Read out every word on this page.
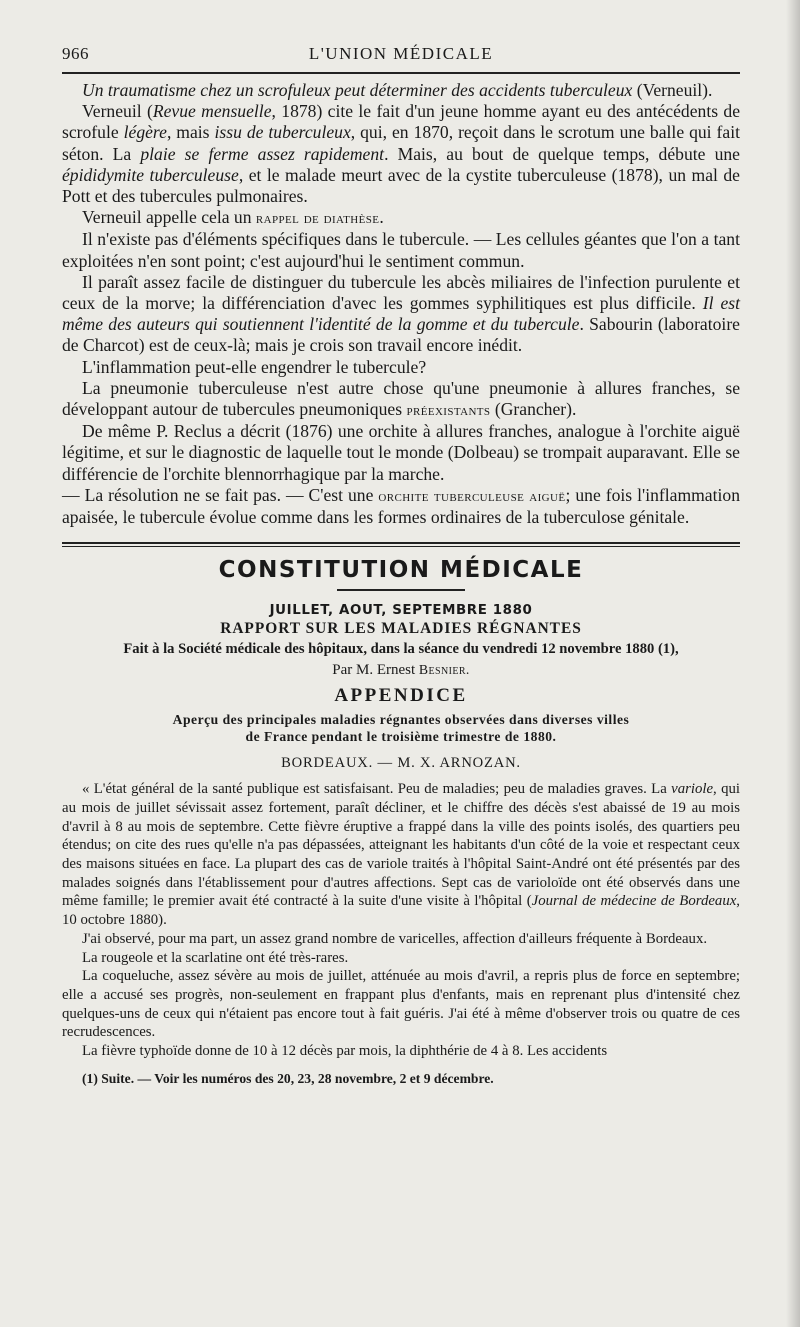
966	L'UNION MÉDICALE

Un traumatisme chez un scrofuleux peut déterminer des accidents tuberculeux (Verneuil).

Verneuil (Revue mensuelle, 1878) cite le fait d'un jeune homme ayant eu des antécédents de scrofule légère, mais issu de tuberculeux, qui, en 1870, reçoit dans le scrotum une balle qui fait séton. La plaie se ferme assez rapidement. Mais, au bout de quelque temps, débute une épididymite tuberculeuse, et le malade meurt avec de la cystite tuberculeuse (1878), un mal de Pott et des tubercules pulmonaires.

Verneuil appelle cela un rappel de diathèse.

Il n'existe pas d'éléments spécifiques dans le tubercule. — Les cellules géantes que l'on a tant exploitées n'en sont point; c'est aujourd'hui le sentiment commun.

Il paraît assez facile de distinguer du tubercule les abcès miliaires de l'infection purulente et ceux de la morve; la différenciation d'avec les gommes syphilitiques est plus difficile. Il est même des auteurs qui soutiennent l'identité de la gomme et du tubercule. Sabourin (laboratoire de Charcot) est de ceux-là; mais je crois son travail encore inédit.

L'inflammation peut-elle engendrer le tubercule?

La pneumonie tuberculeuse n'est autre chose qu'une pneumonie à allures franches, se développant autour de tubercules pneumoniques préexistants (Grancher).

De même P. Reclus a décrit (1876) une orchite à allures franches, analogue à l'orchite aiguë légitime, et sur le diagnostic de laquelle tout le monde (Dolbeau) se trompait auparavant. Elle se différencie de l'orchite blennorrhagique par la marche.

— La résolution ne se fait pas. — C'est une orchite tuberculeuse aiguë; une fois l'inflammation apaisée, le tubercule évolue comme dans les formes ordinaires de la tuberculose génitale.

CONSTITUTION MÉDICALE
JUILLET, AOUT, SEPTEMBRE 1880
RAPPORT SUR LES MALADIES RÉGNANTES
Fait à la Société médicale des hôpitaux, dans la séance du vendredi 12 novembre 1880 (1),
Par M. Ernest Besnier.
APPENDICE
Aperçu des principales maladies régnantes observées dans diverses villes
de France pendant le troisième trimestre de 1880.
BORDEAUX. — M. X. ARNOZAN.

« L'état général de la santé publique est satisfaisant. Peu de maladies; peu de maladies graves. La variole, qui au mois de juillet sévissait assez fortement, paraît décliner, et le chiffre des décès s'est abaissé de 19 au mois d'avril à 8 au mois de septembre. Cette fièvre éruptive a frappé dans la ville des points isolés, des quartiers peu étendus; on cite des rues qu'elle n'a pas dépassées, atteignant les habitants d'un côté de la voie et respectant ceux des maisons situées en face. La plupart des cas de variole traités à l'hôpital Saint-André ont été présentés par des malades soignés dans l'établissement pour d'autres affections. Sept cas de varioloïde ont été observés dans une même famille; le premier avait été contracté à la suite d'une visite à l'hôpital (Journal de médecine de Bordeaux, 10 octobre 1880).

J'ai observé, pour ma part, un assez grand nombre de varicelles, affection d'ailleurs fréquente à Bordeaux.

La rougeole et la scarlatine ont été très-rares.

La coqueluche, assez sévère au mois de juillet, atténuée au mois d'avril, a repris plus de force en septembre; elle a accusé ses progrès, non-seulement en frappant plus d'enfants, mais en reprenant plus d'intensité chez quelques-uns de ceux qui n'étaient pas encore tout à fait guéris. J'ai été à même d'observer trois ou quatre de ces recrudescences.

La fièvre typhoïde donne de 10 à 12 décès par mois, la diphthérie de 4 à 8. Les accidents

(1) Suite. — Voir les numéros des 20, 23, 28 novembre, 2 et 9 décembre.
